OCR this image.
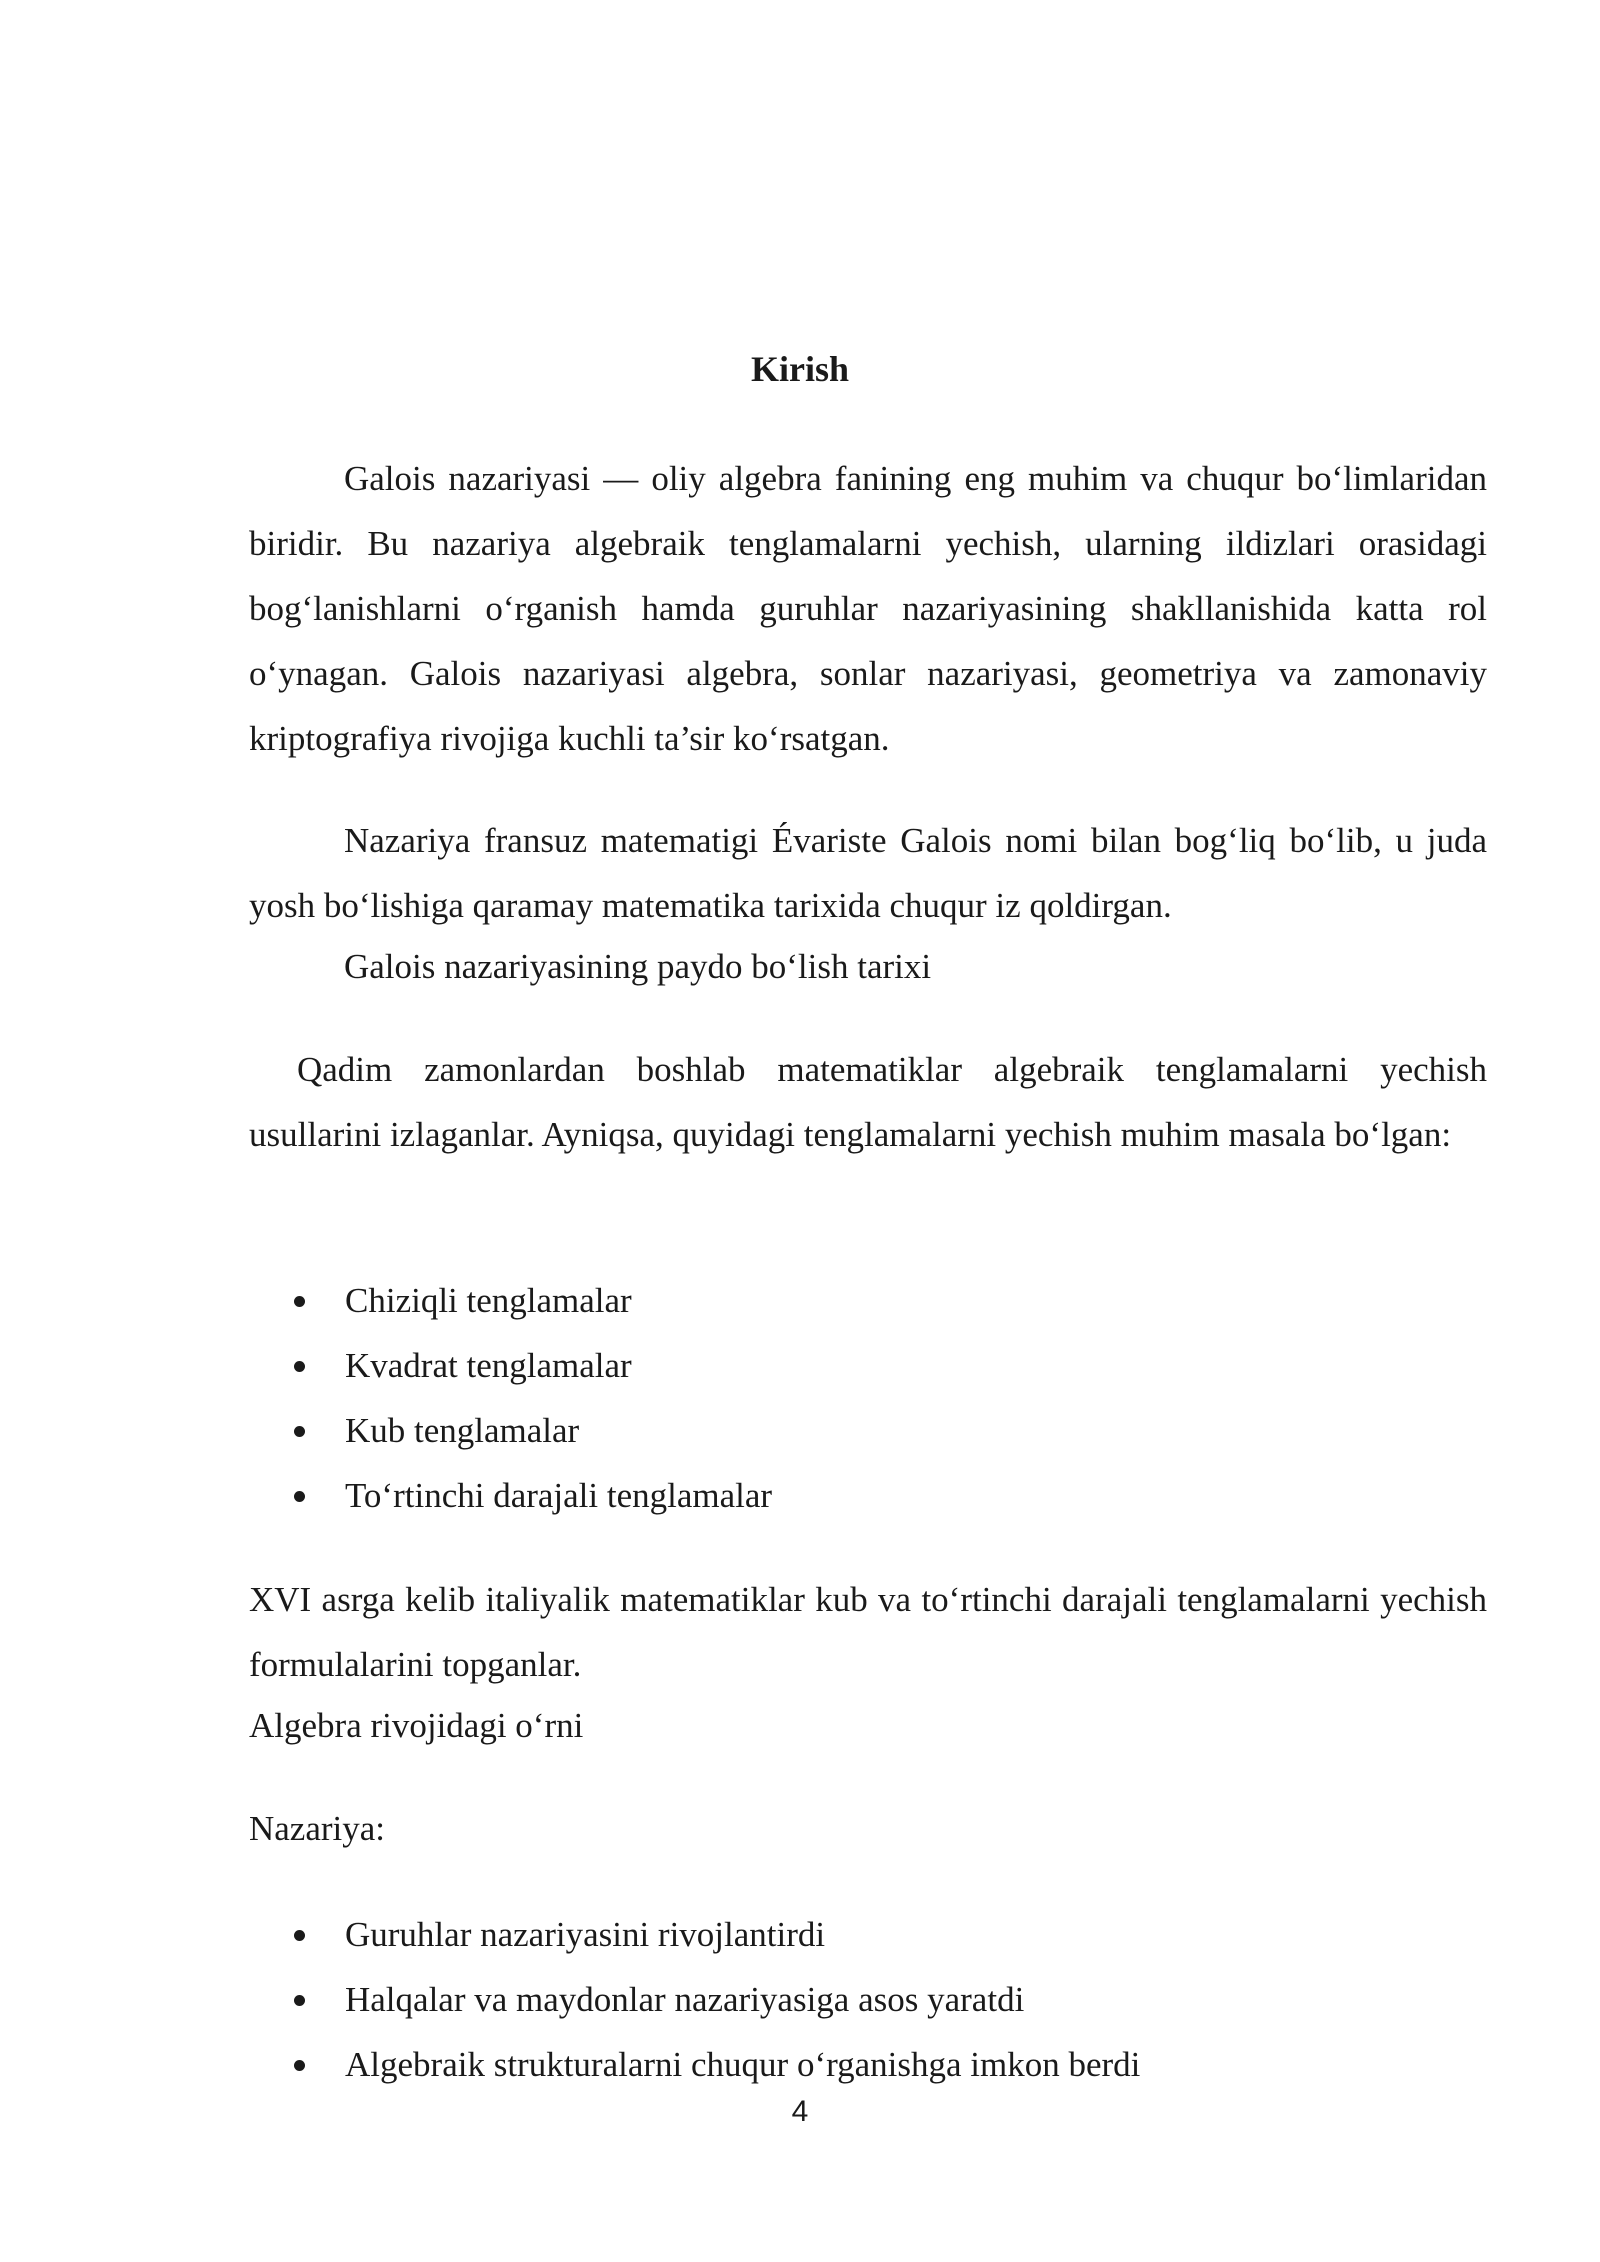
Kirish

Galois nazariyasi — oliy algebra fanining eng muhim va chuqur bo‘limlaridan biridir. Bu nazariya algebraik tenglamalarni yechish, ularning ildizlari orasidagi bog‘lanishlarni o‘rganish hamda guruhlar nazariyasining shakllanishida katta rol o‘ynagan. Galois nazariyasi algebra, sonlar nazariyasi, geometriya va zamonaviy kriptografiya rivojiga kuchli ta’sir ko‘rsatgan.

Nazariya fransuz matematigi Évariste Galois nomi bilan bog‘liq bo‘lib, u juda yosh bo‘lishiga qaramay matematika tarixida chuqur iz qoldirgan.

Galois nazariyasining paydo bo‘lish tarixi

Qadim zamonlardan boshlab matematiklar algebraik tenglamalarni yechish usullarini izlaganlar. Ayniqsa, quyidagi tenglamalarni yechish muhim masala bo‘lgan:

Chiziqli tenglamalar
Kvadrat tenglamalar
Kub tenglamalar
To‘rtinchi darajali tenglamalar

XVI asrga kelib italiyalik matematiklar kub va to‘rtinchi darajali tenglamalarni yechish formulalarini topganlar.

Algebra rivojidagi o‘rni
Nazariya:
Guruhlar nazariyasini rivojlantirdi
Halqalar va maydonlar nazariyasiga asos yaratdi
Algebraik strukturalarni chuqur o‘rganishga imkon berdi
4
